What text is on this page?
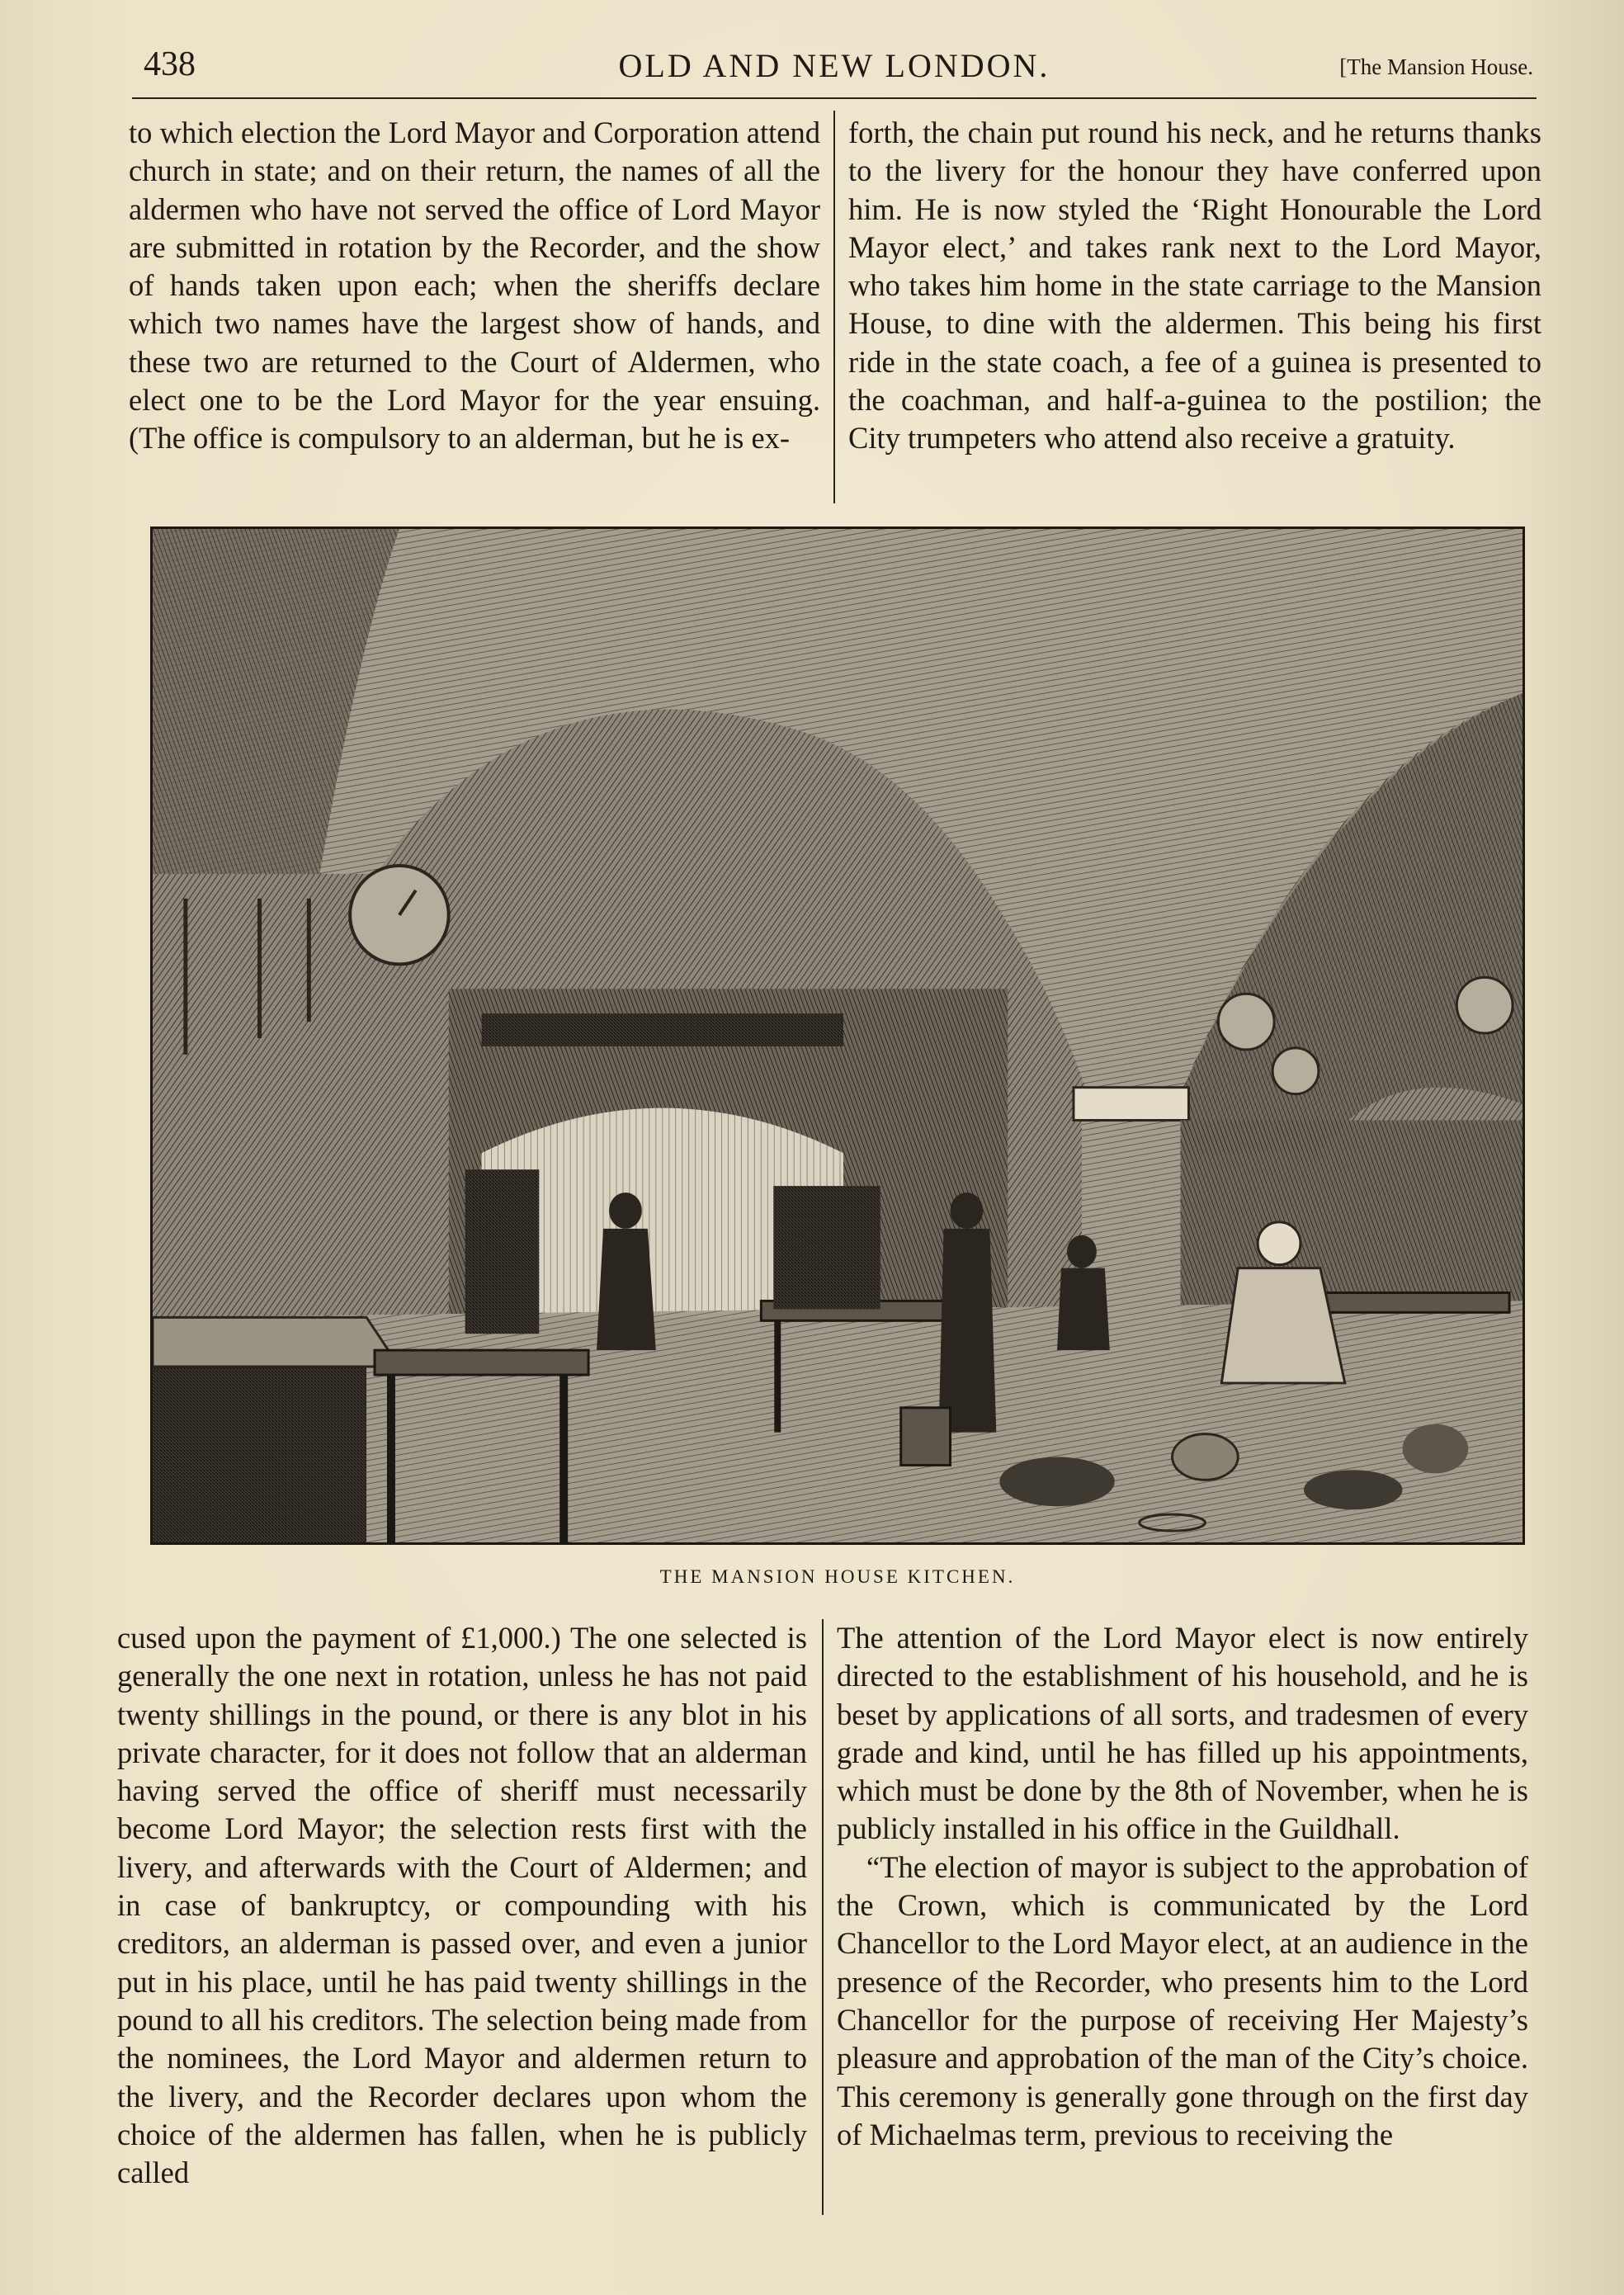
438	OLD AND NEW LONDON.	[The Mansion House.

to which election the Lord Mayor and Corporation attend church in state; and on their return, the names of all the aldermen who have not served the office of Lord Mayor are submitted in rotation by the Recorder, and the show of hands taken upon each; when the sheriffs declare which two names have the largest show of hands, and these two are returned to the Court of Aldermen, who elect one to be the Lord Mayor for the year ensuing. (The office is compulsory to an alderman, but he is ex-

forth, the chain put round his neck, and he returns thanks to the livery for the honour they have conferred upon him. He is now styled the ‘Right Honourable the Lord Mayor elect,’ and takes rank next to the Lord Mayor, who takes him home in the state carriage to the Mansion House, to dine with the aldermen. This being his first ride in the state coach, a fee of a guinea is presented to the coachman, and half-a-guinea to the postilion; the City trumpeters who attend also receive a gratuity.

THE MANSION HOUSE KITCHEN.

cused upon the payment of £1,000.) The one selected is generally the one next in rotation, unless he has not paid twenty shillings in the pound, or there is any blot in his private character, for it does not follow that an alderman having served the office of sheriff must necessarily become Lord Mayor; the selection rests first with the livery, and afterwards with the Court of Aldermen; and in case of bankruptcy, or compounding with his creditors, an alderman is passed over, and even a junior put in his place, until he has paid twenty shillings in the pound to all his creditors. The selection being made from the nominees, the Lord Mayor and aldermen return to the livery, and the Recorder declares upon whom the choice of the aldermen has fallen, when he is publicly called

The attention of the Lord Mayor elect is now entirely directed to the establishment of his household, and he is beset by applications of all sorts, and tradesmen of every grade and kind, until he has filled up his appointments, which must be done by the 8th of November, when he is publicly installed in his office in the Guildhall.

“The election of mayor is subject to the approbation of the Crown, which is communicated by the Lord Chancellor to the Lord Mayor elect, at an audience in the presence of the Recorder, who presents him to the Lord Chancellor for the purpose of receiving Her Majesty’s pleasure and approbation of the man of the City’s choice. This ceremony is generally gone through on the first day of Michaelmas term, previous to receiving the
